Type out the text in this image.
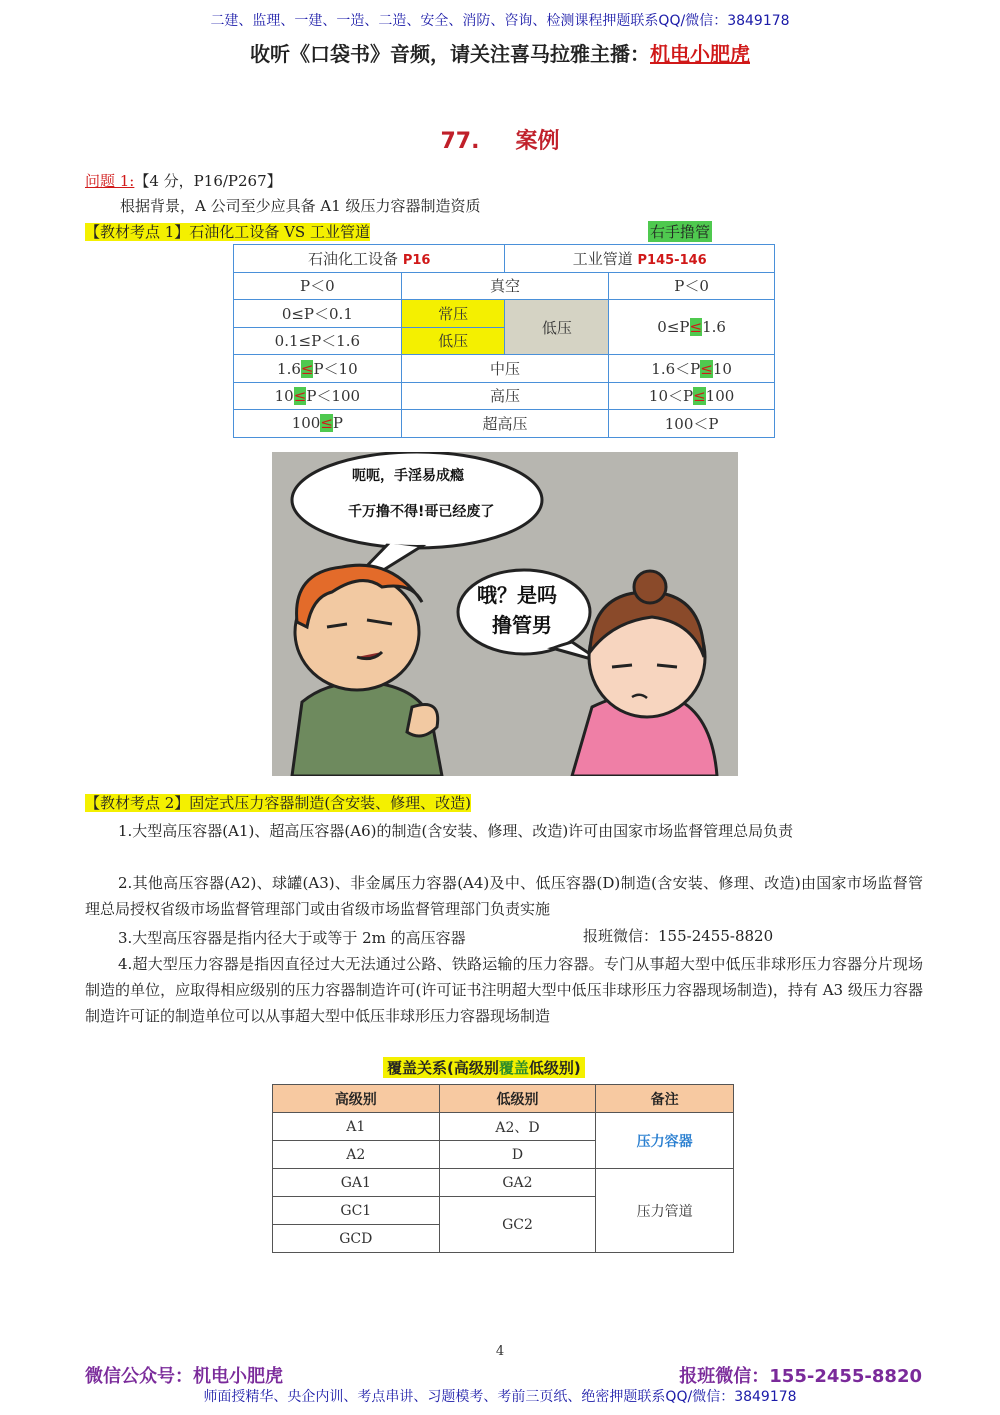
二建、监理、一建、一造、二造、安全、消防、咨询、检测课程押题联系QQ/微信：3849178
收听《口袋书》音频，请关注喜马拉雅主播：机电小肥虎
77. 案例
问题 1:【4 分，P16/P267】
根据背景，A 公司至少应具备 A1 级压力容器制造资质
【教材考点 1】石油化工设备 VS 工业管道	右手撸管
石油化工设备 P16		工业管道 P145-146	
P＜0	真空		P＜0
0≤P＜0.1	常压	低压	0≤P≤1.6
0.1≤P＜1.6	低压		
1.6≤P＜10	中压		1.6＜P≤10
10≤P＜100	高压		10＜P≤100
100≤P	超高压		100＜P
呃呃，手淫易成瘾
千万撸不得!哥已经废了
哦？是吗
撸管男
【教材考点 2】固定式压力容器制造(含安装、修理、改造)
1.大型高压容器(A1)、超高压容器(A6)的制造(含安装、修理、改造)许可由国家市场监督管理总局负责
2.其他高压容器(A2)、球罐(A3)、非金属压力容器(A4)及中、低压容器(D)制造(含安装、修理、改造)由国家市场监督管理总局授权省级市场监督管理部门或由省级市场监督管理部门负责实施
3.大型高压容器是指内径大于或等于 2m 的高压容器	报班微信：155-2455-8820
4.超大型压力容器是指因直径过大无法通过公路、铁路运输的压力容器。专门从事超大型中低压非球形压力容器分片现场制造的单位，应取得相应级别的压力容器制造许可(许可证书注明超大型中低压非球形压力容器现场制造)，持有 A3 级压力容器制造许可证的制造单位可以从事超大型中低压非球形压力容器现场制造
覆盖关系(高级别覆盖低级别)
高级别	低级别	备注
A1	A2、D	压力容器
A2	D	
GA1	GA2	压力管道
GC1	GC2	
GCD		
4
微信公众号：机电小肥虎	报班微信：155-2455-8820
师面授精华、央企内训、考点串讲、习题模考、考前三页纸、绝密押题联系QQ/微信：3849178
